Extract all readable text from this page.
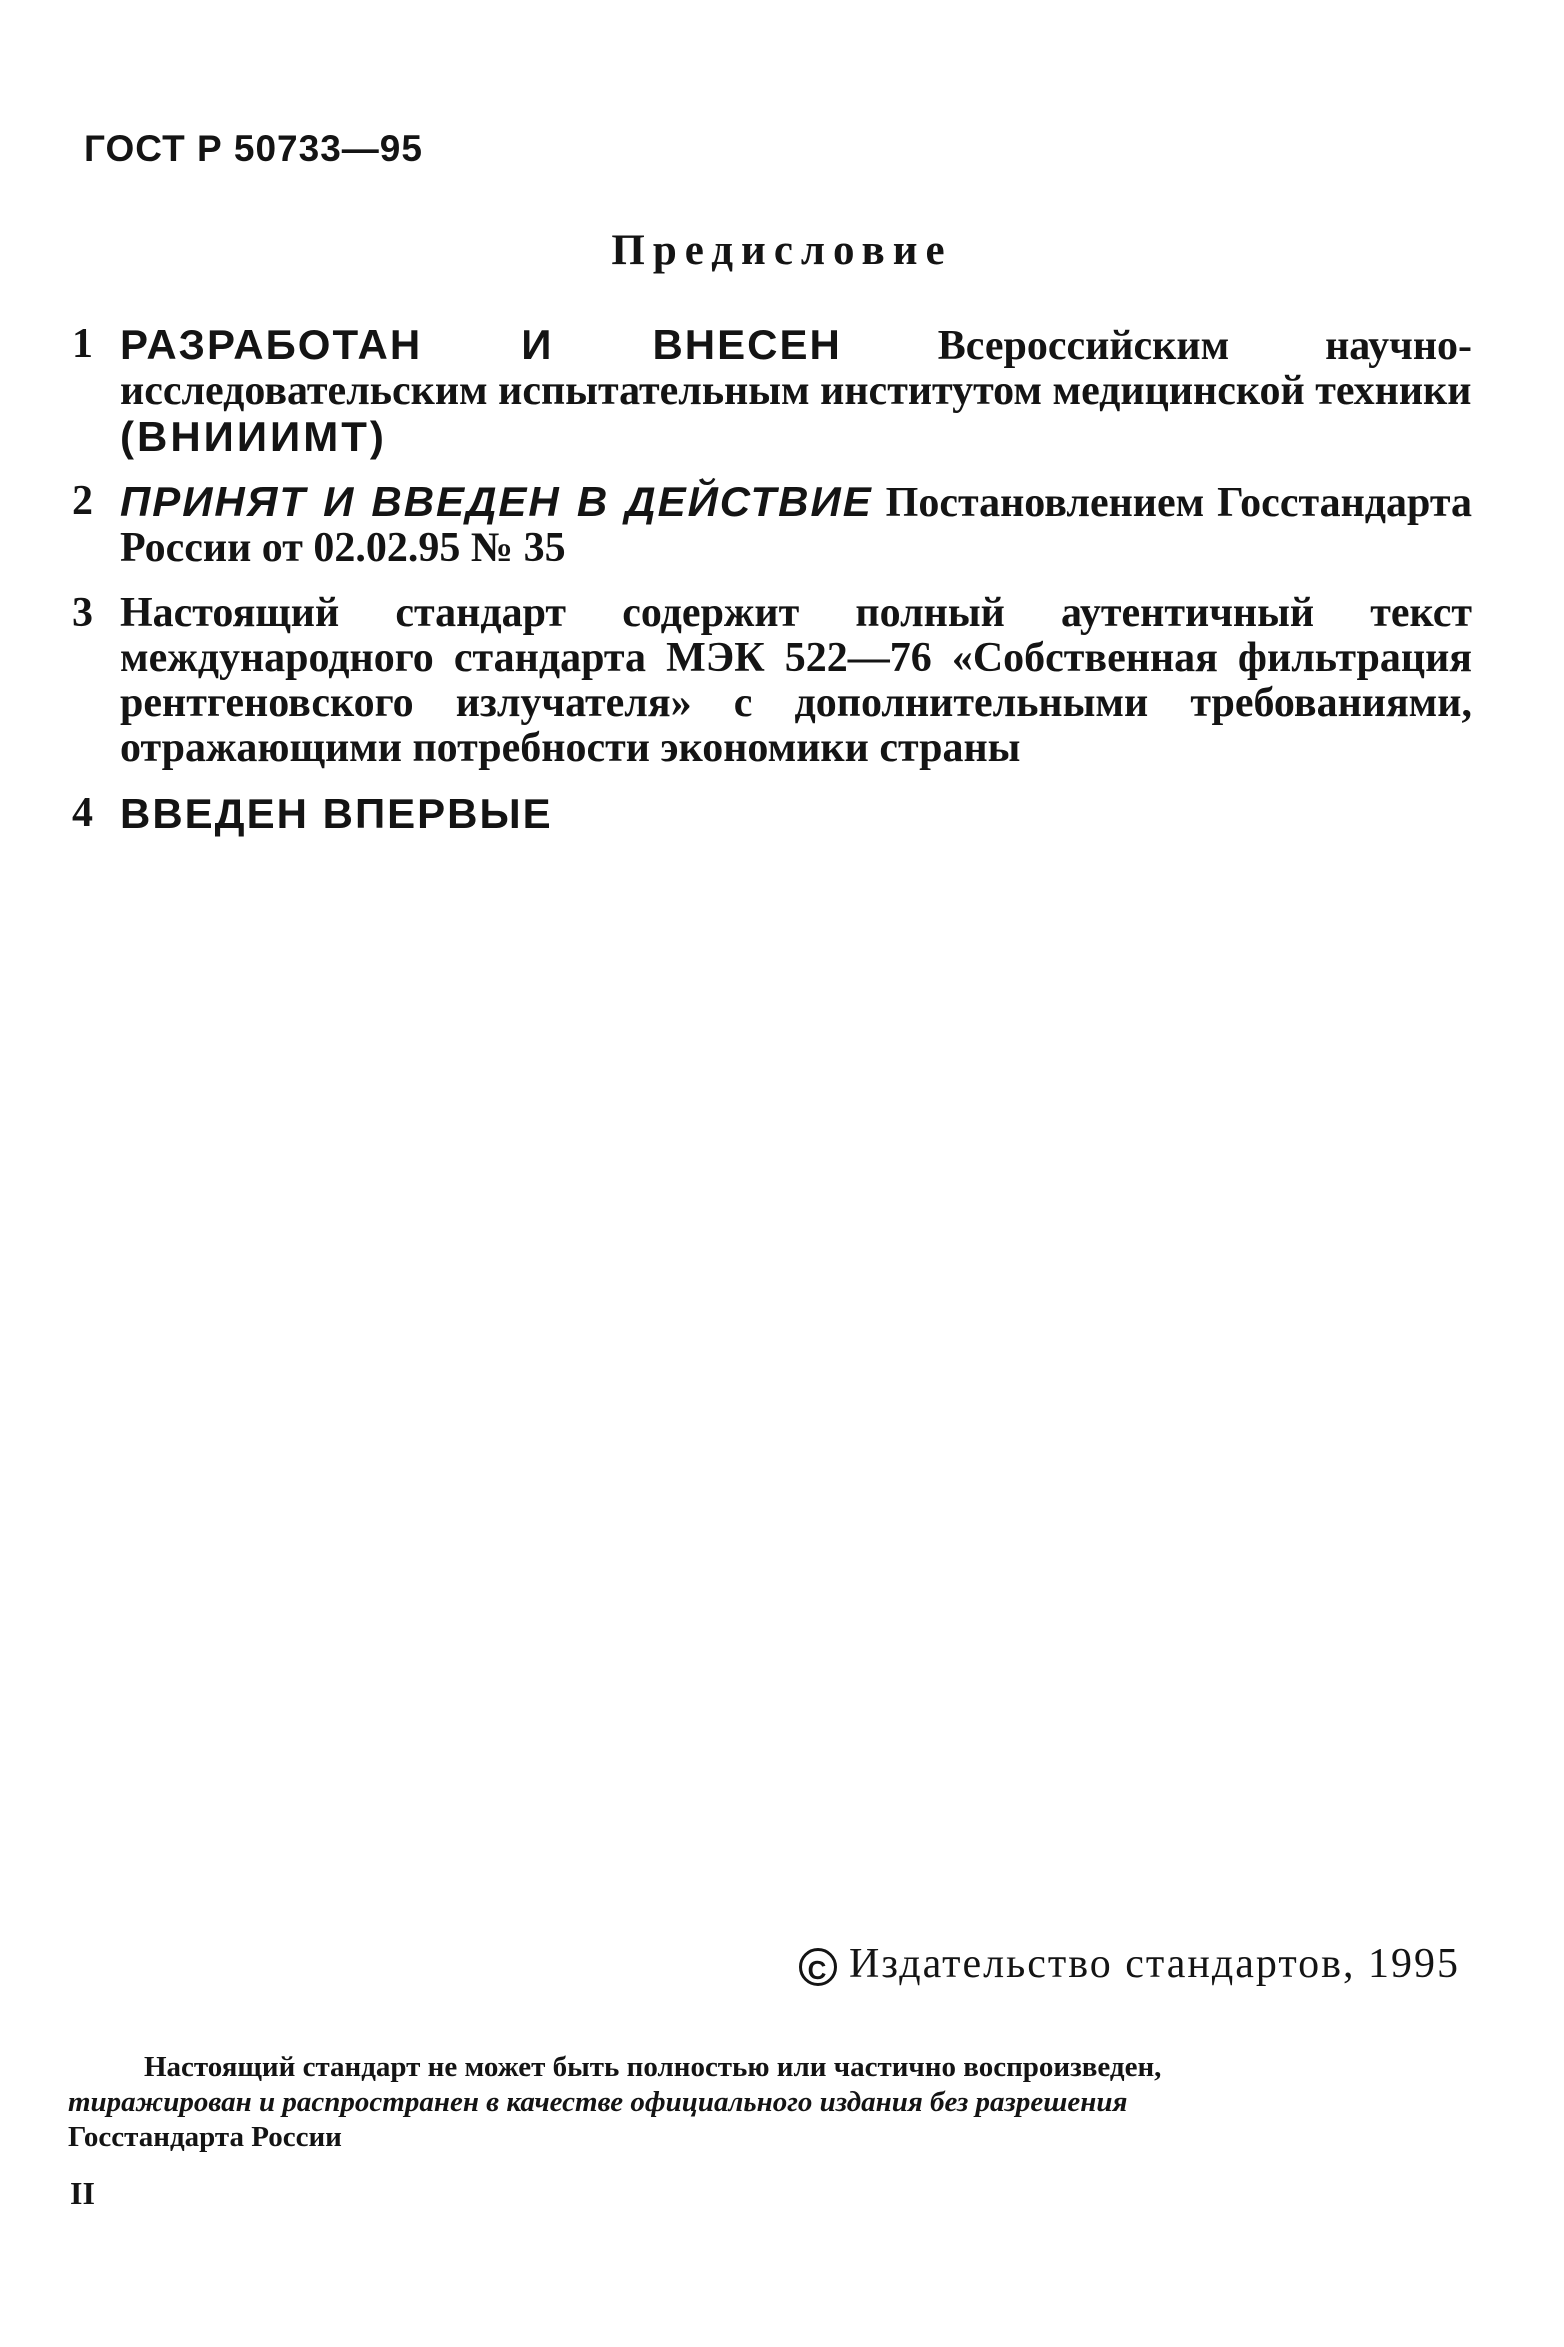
ГОСТ Р 50733—95
Предисловие
1 РАЗРАБОТАН И ВНЕСЕН Всероссийским научно-исследовательским испытательным институтом медицинской техники
(ВНИИИМТ)
2 ПРИНЯТ И ВВЕДЕН В ДЕЙСТВИЕ Постановлением Госстандарта России от 02.02.95 № 35
3 Настоящий стандарт содержит полный аутентичный текст международного стандарта МЭК 522—76 «Собственная фильтрация рентгеновского излучателя» с дополнительными требованиями, отражающими потребности экономики страны
4 ВВЕДЕН ВПЕРВЫЕ
C Издательство стандартов, 1995
Настоящий стандарт не может быть полностью или частично воспроизведен,
тиражирован и распространен в качестве официального издания без разрешения
Госстандарта России
II
